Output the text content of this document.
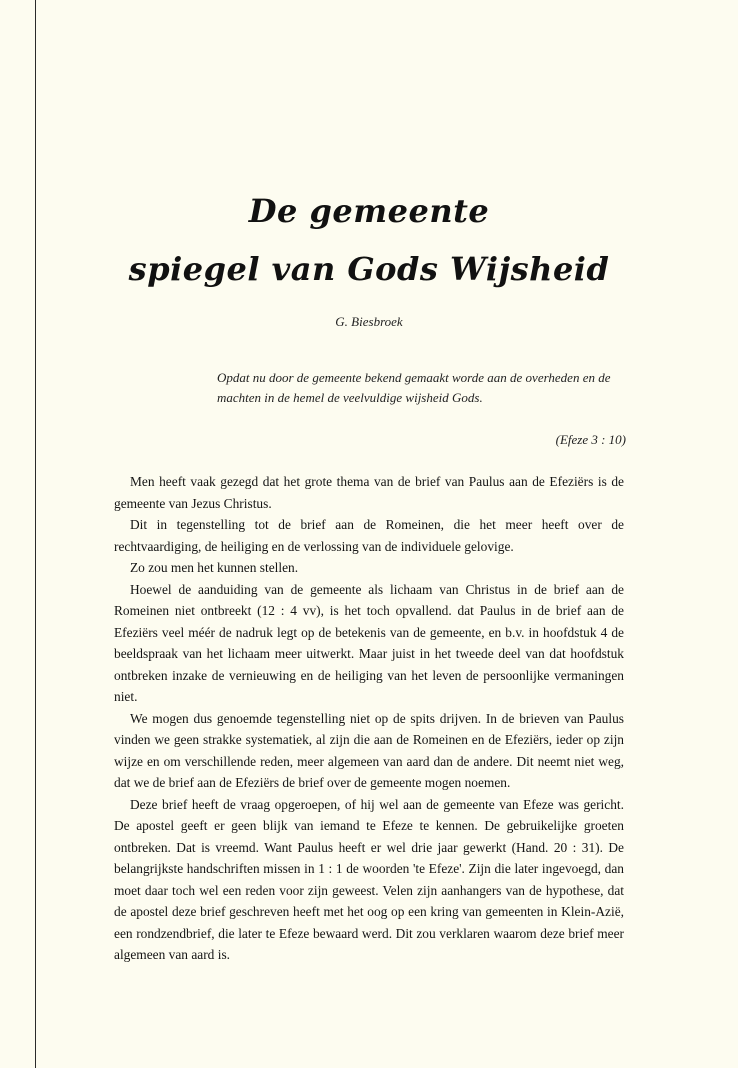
De gemeente
spiegel van Gods Wijsheid
G. Biesbroek

Opdat nu door de gemeente bekend gemaakt worde aan de overheden en de machten in de hemel de veelvuldige wijsheid Gods.

(Efeze 3 : 10)

Men heeft vaak gezegd dat het grote thema van de brief van Paulus aan de Efeziërs is de gemeente van Jezus Christus.

Dit in tegenstelling tot de brief aan de Romeinen, die het meer heeft over de rechtvaardiging, de heiliging en de verlossing van de individuele gelovige.

Zo zou men het kunnen stellen.

Hoewel de aanduiding van de gemeente als lichaam van Christus in de brief aan de Romeinen niet ontbreekt (12 : 4 vv), is het toch opvallend. dat Paulus in de brief aan de Efeziërs veel méér de nadruk legt op de betekenis van de gemeente, en b.v. in hoofdstuk 4 de beeldspraak van het lichaam meer uitwerkt. Maar juist in het tweede deel van dat hoofdstuk ontbreken inzake de vernieuwing en de heiliging van het leven de persoonlijke vermaningen niet.

We mogen dus genoemde tegenstelling niet op de spits drijven. In de brieven van Paulus vinden we geen strakke systematiek, al zijn die aan de Romeinen en de Efeziërs, ieder op zijn wijze en om verschillende reden, meer algemeen van aard dan de andere. Dit neemt niet weg, dat we de brief aan de Efeziërs de brief over de gemeente mogen noemen.

Deze brief heeft de vraag opgeroepen, of hij wel aan de gemeente van Efeze was gericht. De apostel geeft er geen blijk van iemand te Efeze te kennen. De gebruikelijke groeten ontbreken. Dat is vreemd. Want Paulus heeft er wel drie jaar gewerkt (Hand. 20 : 31). De belangrijkste handschriften missen in 1 : 1 de woorden 'te Efeze'. Zijn die later ingevoegd, dan moet daar toch wel een reden voor zijn geweest. Velen zijn aanhangers van de hypothese, dat de apostel deze brief geschreven heeft met het oog op een kring van gemeenten in Klein-Azië, een rondzendbrief, die later te Efeze bewaard werd. Dit zou verklaren waarom deze brief meer algemeen van aard is.
